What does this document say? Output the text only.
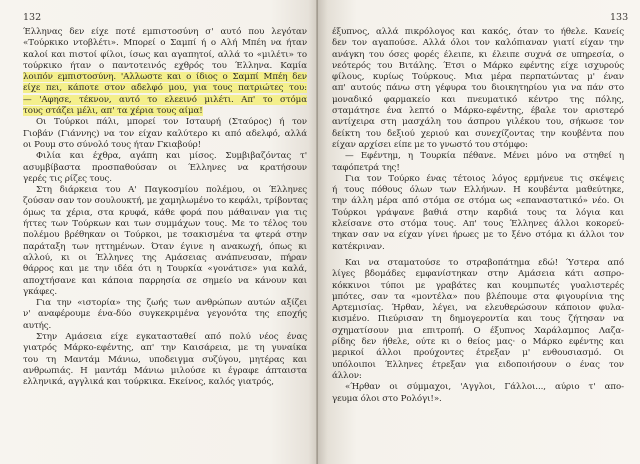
132
Έλληνας δεν είχε ποτέ εμπιστοσύνη σ' αυτό που λεγόταν
«Τούρκικο ντοβλέτι». Μπορεί ο Σαμπί ή ο Αλή Μπέη να ήταν
καλοί και πιστοί φίλοι, ίσως και αγαπητοί, αλλά το «μιλέτι» το
τούρκικο ήταν ο παντοτεινός εχθρός του Έλληνα. Καμία
λοιπόν εμπιστοσύνη. 'Αλλωστε και ο ίδιος ο Σαμπί Μπέη δεν
είχε πει, κάποτε στον αδελφό μου, για τους πατριώτες του:
— 'Αφησε, τέκνον, αυτό το ελεεινό μιλέτι. Απ' το στόμα
τους στάζει μέλι, απ' τα χέρια τους αίμα!
Οι Τούρκοι πάλι, μπορεί τον Ισταυρή (Σταύρος) ή τον
Γιοβάν (Γιάννης) να τον είχαν καλύτερο κι από αδελφό, αλλά
οι Ρουμ στο σύνολό τους ήταν Γκιαβούρ!
Φιλία και έχθρα, αγάπη και μίσος. Συμβιβαζόντας τ'
ασυμβίβαστα προσπαθούσαν οι Έλληνες να κρατήσουν
γερές τις ρίζες τους.
Στη διάρκεια του Α' Παγκοσμίου πολέμου, οι Έλληνες
ζούσαν σαν τον σουλουκτή, με χαμηλωμένο το κεφάλι, τρίβοντας
όμως τα χέρια, στα κρυφά, κάθε φορά που μάθαιναν για τις
ήττες των Τούρκων και των συμμάχων τους. Με το τέλος του
πολέμου βρέθηκαν οι Τούρκοι, με τσακισμένα τα φτερά στην
παράταξη των ηττημένων. Όταν έγινε η ανακωχή, όπως κι
αλλού, κι οι Έλληνες της Αμάσειας ανάπνευσαν, πήραν
θάρρος και με την ιδέα ότι η Τουρκία «γονάτισε» για καλά,
αποχτήσανε και κάποια παρρησία σε σημείο να κάνουν και
γκάφες.
Για την «ιστορία» της ζωής των ανθρώπων αυτών αξίζει
ν' αναφέρουμε ένα-δύο συγκεκριμένα γεγονότα της εποχής
αυτής.
Στην Αμάσεια είχε εγκατασταθεί από πολύ νέος ένας
γιατρός Μάρκο-εφέντης, απ' την Καισάρεια, με τη γυναίκα
του τη Μαντάμ Μάνιω, υποδειγμα συζύγου, μητέρας και
ανθρωπιάς. Η μαντάμ Μάνιω μιλούσε κι έγραφε άπταιστα
ελληνικά, αγγλικά και τούρκικα. Εκείνος, καλός γιατρός,
133
έξυπνος, αλλά πικρόλογος και κακός, όταν το ήθελε. Κανείς
δεν τον αγαπούσε. Αλλά όλοι τον καλόπιαναν γιατί είχαν την
ανάγκη του όσες φορές έλειπε, κι έλειπε συχνά σε υπηρεσία, ο
νεότερός του Βιτάλης. Έτσι ο Μάρκο εφέντης είχε ισχυρούς
φίλους, κυρίως Τούρκους. Μια μέρα περπατώντας μ' έναν
απ' αυτούς πάνω στη γέφυρα του διοικητηρίου για να πάν στο
μοναδικό φαρμακείο και πνευματικό κέντρο της πόλης,
σταμάτησε ένα λεπτό ο Μάρκο-εφέντης, έβαλε τον αριστερό
αντίχειρα στη μασχάλη του άσπρου γιλέκου του, σήκωσε τον
δείκτη του δεξιού χεριού και συνεχίζοντας την κουβέντα που
είχαν αρχίσει είπε με το γνωστό του στόμφο:
— Εφέντημ, η Τουρκία πέθανε. Μένει μόνο να στηθεί η
ταφόπετρά της!
Για τον Τούρκο ένας τέτοιος λόγος ερμήνευε τις σκέψεις
ή τους πόθους όλων των Ελλήνων. Η κουβέντα μαθεύτηκε,
την άλλη μέρα από στόμα σε στόμα ως «επαναστατικό» νέο. Οι
Τούρκοι γράψανε βαθιά στην καρδιά τους τα λόγια και
κλείσανε στο στόμα τους. Απ' τους Έλληνες άλλοι κοκορεύ-
τηκαν σαν να είχαν γίνει ήρωες με το ξένο στόμα κι άλλοι τον
κατέκριναν.
Και να σταματούσε το στραβοπάτημα εδώ! Ύστερα από
λίγες βδομάδες εμφανίστηκαν στην Αμάσεια κάτι ασπρο-
κόκκινοι τύποι με γραβάτες και κουμπωτές γυαλιστερές
μπότες, σαν τα «μοντέλα» που βλέπουμε στα φιγουρίνια της
Αρτεμισίας. Ήρθαν, λέγει, να ελευθερώσουν κάποιον φυλα-
κισμένο. Πιεύρισαν τη δημογεροντία και τους ζήτησαν να
σχηματίσουν μια επιτροπή. Ο έξυπνος Χαράλαμπος Λαζα-
ρίδης δεν ήθελε, ούτε κι ο θείος μας· ο Μάρκο εφέντης και
μερικοί άλλοι προύχοντες έτρεξαν μ' ενθουσιασμό. Οι
υπόλοιποι Έλληνες έτρεξαν για ειδοποιήσουν ο ένας τον
άλλον:
«Ήρθαν οι σύμμαχοι, 'Αγγλοι, Γάλλοι..., αύριο τ' απο-
γευμα όλοι στο Ρολόγι!».
